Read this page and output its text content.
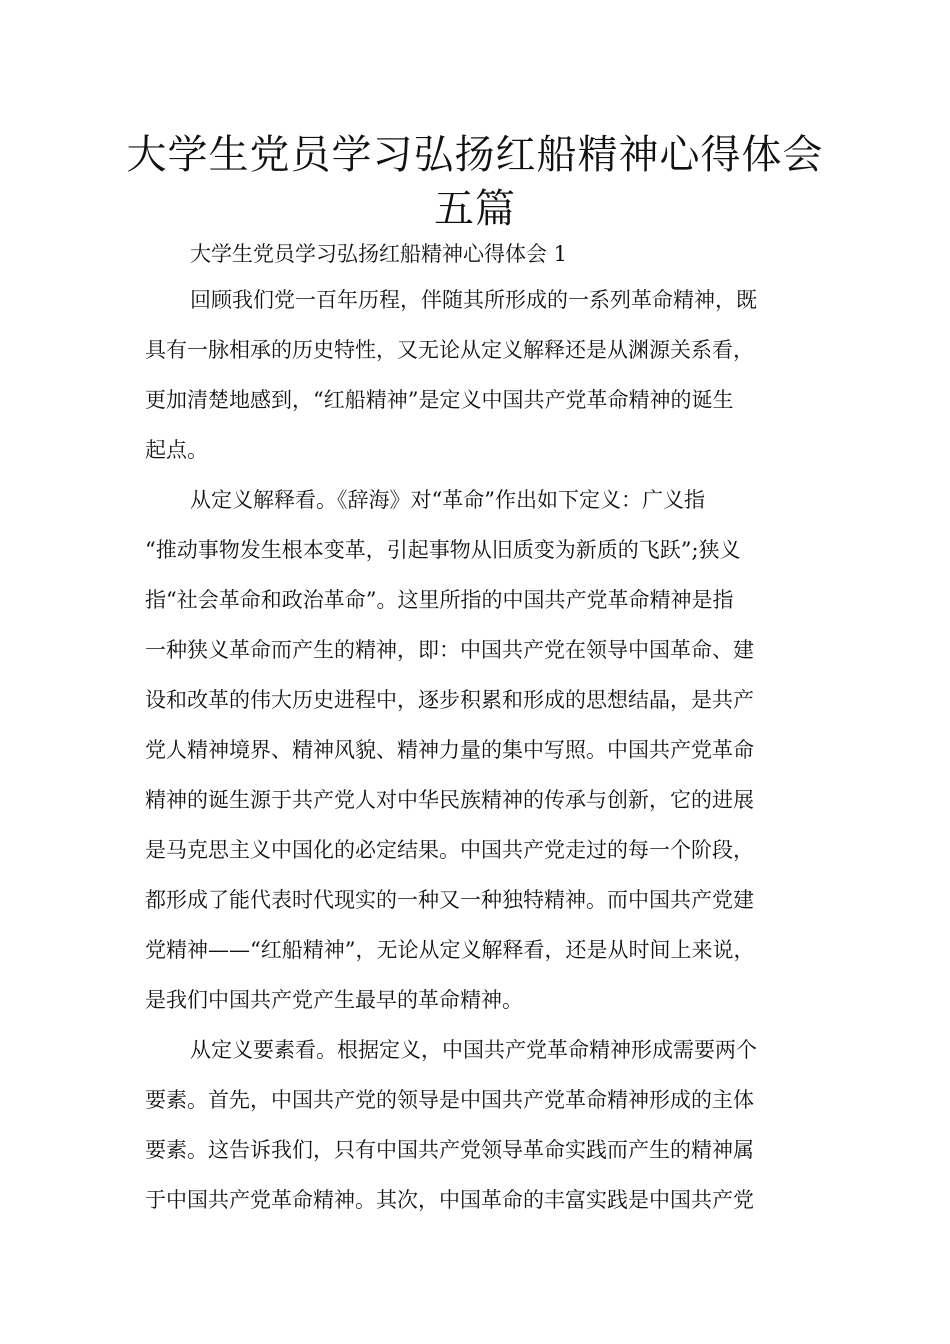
大学生党员学习弘扬红船精神心得体会
五篇
大学生党员学习弘扬红船精神心得体会 1
回顾我们党一百年历程，伴随其所形成的一系列革命精神，既
具有一脉相承的历史特性，又无论从定义解释还是从渊源关系看，
更加清楚地感到，“红船精神”是定义中国共产党革命精神的诞生
起点。
从定义解释看。《辞海》对“革命”作出如下定义：广义指
“推动事物发生根本变革，引起事物从旧质变为新质的飞跃”;狭义
指“社会革命和政治革命”。这里所指的中国共产党革命精神是指
一种狭义革命而产生的精神，即：中国共产党在领导中国革命、建
设和改革的伟大历史进程中，逐步积累和形成的思想结晶，是共产
党人精神境界、精神风貌、精神力量的集中写照。中国共产党革命
精神的诞生源于共产党人对中华民族精神的传承与创新，它的进展
是马克思主义中国化的必定结果。中国共产党走过的每一个阶段，
都形成了能代表时代现实的一种又一种独特精神。而中国共产党建
党精神——“红船精神”，无论从定义解释看，还是从时间上来说，
是我们中国共产党产生最早的革命精神。
从定义要素看。根据定义，中国共产党革命精神形成需要两个
要素。首先，中国共产党的领导是中国共产党革命精神形成的主体
要素。这告诉我们，只有中国共产党领导革命实践而产生的精神属
于中国共产党革命精神。其次，中国革命的丰富实践是中国共产党
